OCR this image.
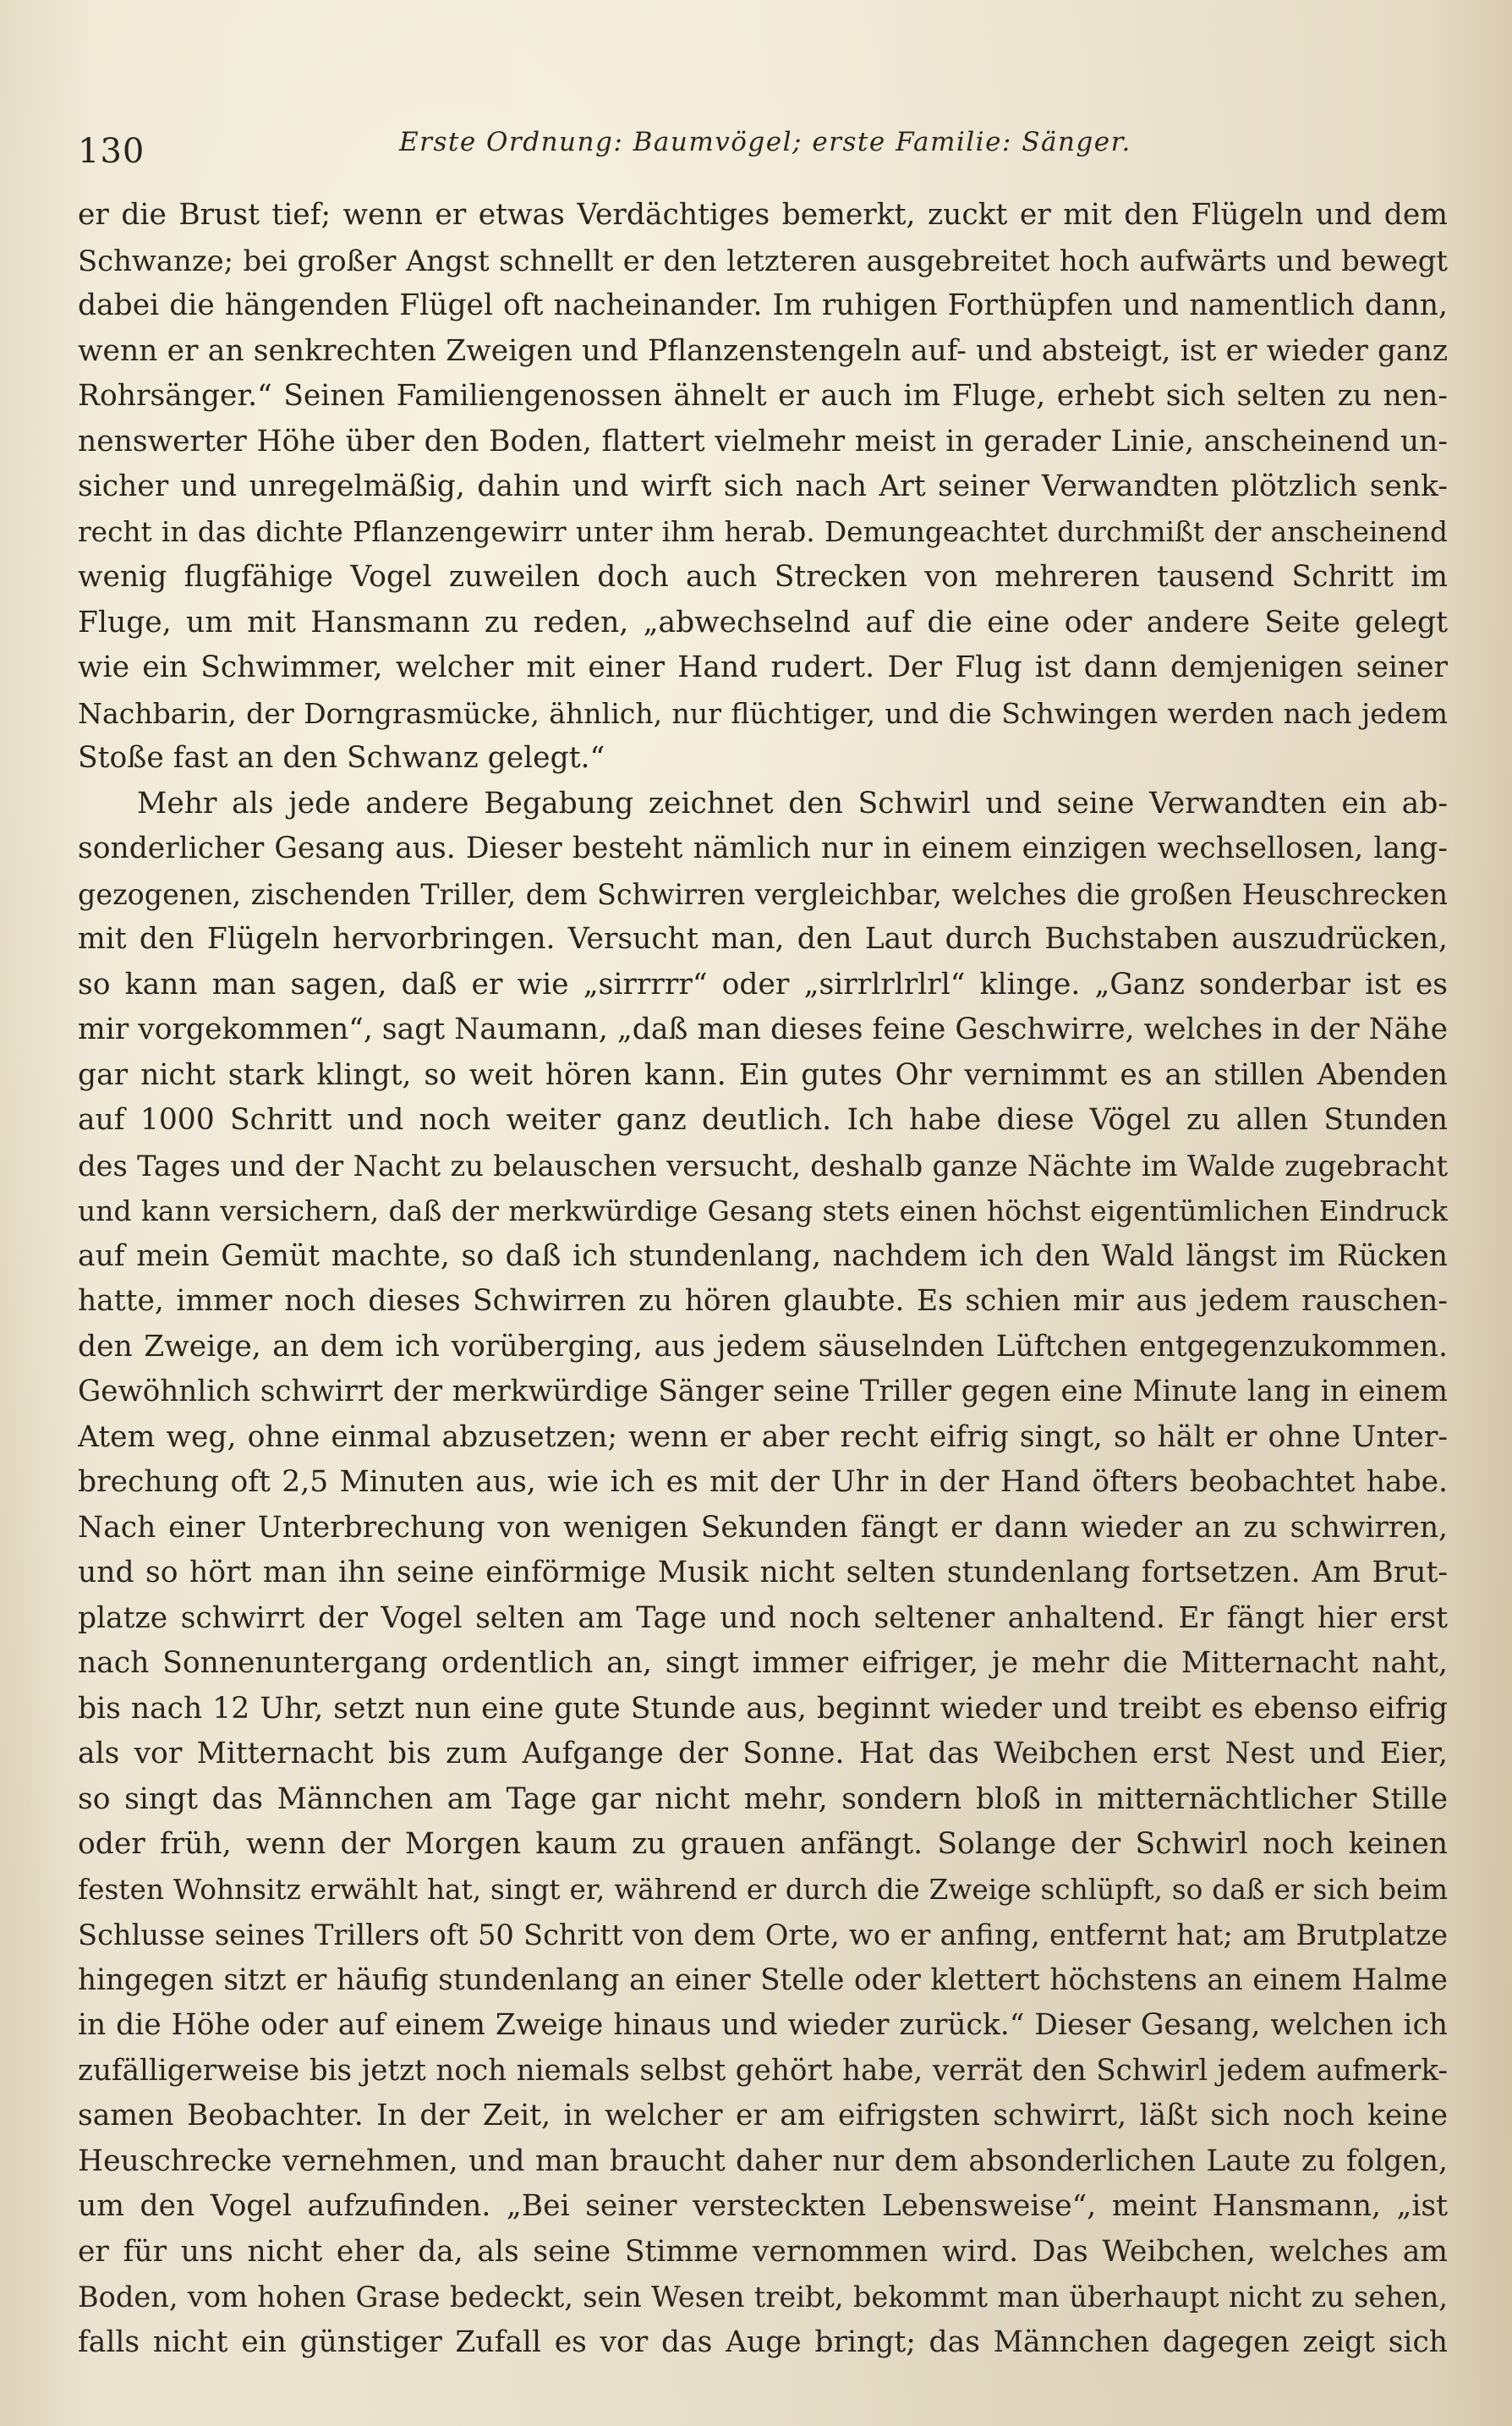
130	Erste Ordnung: Baumvögel; erste Familie: Sänger.
er die Brust tief; wenn er etwas Verdächtiges bemerkt, zuckt er mit den Flügeln und dem
Schwanze; bei großer Angst schnellt er den letzteren ausgebreitet hoch aufwärts und bewegt
dabei die hängenden Flügel oft nacheinander. Im ruhigen Forthüpfen und namentlich dann,
wenn er an senkrechten Zweigen und Pflanzenstengeln auf- und absteigt, ist er wieder ganz
Rohrsänger.“ Seinen Familiengenossen ähnelt er auch im Fluge, erhebt sich selten zu nen-
nenswerter Höhe über den Boden, flattert vielmehr meist in gerader Linie, anscheinend un-
sicher und unregelmäßig, dahin und wirft sich nach Art seiner Verwandten plötzlich senk-
recht in das dichte Pflanzengewirr unter ihm herab. Demungeachtet durchmißt der anscheinend
wenig flugfähige Vogel zuweilen doch auch Strecken von mehreren tausend Schritt im
Fluge, um mit Hansmann zu reden, „abwechselnd auf die eine oder andere Seite gelegt
wie ein Schwimmer, welcher mit einer Hand rudert. Der Flug ist dann demjenigen seiner
Nachbarin, der Dorngrasmücke, ähnlich, nur flüchtiger, und die Schwingen werden nach jedem
Stoße fast an den Schwanz gelegt.“
Mehr als jede andere Begabung zeichnet den Schwirl und seine Verwandten ein ab-
sonderlicher Gesang aus. Dieser besteht nämlich nur in einem einzigen wechsellosen, lang-
gezogenen, zischenden Triller, dem Schwirren vergleichbar, welches die großen Heuschrecken
mit den Flügeln hervorbringen. Versucht man, den Laut durch Buchstaben auszudrücken,
so kann man sagen, daß er wie „sirrrrr“ oder „sirrlrlrlrl“ klinge. „Ganz sonderbar ist es
mir vorgekommen“, sagt Naumann, „daß man dieses feine Geschwirre, welches in der Nähe
gar nicht stark klingt, so weit hören kann. Ein gutes Ohr vernimmt es an stillen Abenden
auf 1000 Schritt und noch weiter ganz deutlich. Ich habe diese Vögel zu allen Stunden
des Tages und der Nacht zu belauschen versucht, deshalb ganze Nächte im Walde zugebracht
und kann versichern, daß der merkwürdige Gesang stets einen höchst eigentümlichen Eindruck
auf mein Gemüt machte, so daß ich stundenlang, nachdem ich den Wald längst im Rücken
hatte, immer noch dieses Schwirren zu hören glaubte. Es schien mir aus jedem rauschen-
den Zweige, an dem ich vorüberging, aus jedem säuselnden Lüftchen entgegenzukommen.
Gewöhnlich schwirrt der merkwürdige Sänger seine Triller gegen eine Minute lang in einem
Atem weg, ohne einmal abzusetzen; wenn er aber recht eifrig singt, so hält er ohne Unter-
brechung oft 2,5 Minuten aus, wie ich es mit der Uhr in der Hand öfters beobachtet habe.
Nach einer Unterbrechung von wenigen Sekunden fängt er dann wieder an zu schwirren,
und so hört man ihn seine einförmige Musik nicht selten stundenlang fortsetzen. Am Brut-
platze schwirrt der Vogel selten am Tage und noch seltener anhaltend. Er fängt hier erst
nach Sonnenuntergang ordentlich an, singt immer eifriger, je mehr die Mitternacht naht,
bis nach 12 Uhr, setzt nun eine gute Stunde aus, beginnt wieder und treibt es ebenso eifrig
als vor Mitternacht bis zum Aufgange der Sonne. Hat das Weibchen erst Nest und Eier,
so singt das Männchen am Tage gar nicht mehr, sondern bloß in mitternächtlicher Stille
oder früh, wenn der Morgen kaum zu grauen anfängt. Solange der Schwirl noch keinen
festen Wohnsitz erwählt hat, singt er, während er durch die Zweige schlüpft, so daß er sich beim
Schlusse seines Trillers oft 50 Schritt von dem Orte, wo er anfing, entfernt hat; am Brutplatze
hingegen sitzt er häufig stundenlang an einer Stelle oder klettert höchstens an einem Halme
in die Höhe oder auf einem Zweige hinaus und wieder zurück.“ Dieser Gesang, welchen ich
zufälligerweise bis jetzt noch niemals selbst gehört habe, verrät den Schwirl jedem aufmerk-
samen Beobachter. In der Zeit, in welcher er am eifrigsten schwirrt, läßt sich noch keine
Heuschrecke vernehmen, und man braucht daher nur dem absonderlichen Laute zu folgen,
um den Vogel aufzufinden. „Bei seiner versteckten Lebensweise“, meint Hansmann, „ist
er für uns nicht eher da, als seine Stimme vernommen wird. Das Weibchen, welches am
Boden, vom hohen Grase bedeckt, sein Wesen treibt, bekommt man überhaupt nicht zu sehen,
falls nicht ein günstiger Zufall es vor das Auge bringt; das Männchen dagegen zeigt sich
